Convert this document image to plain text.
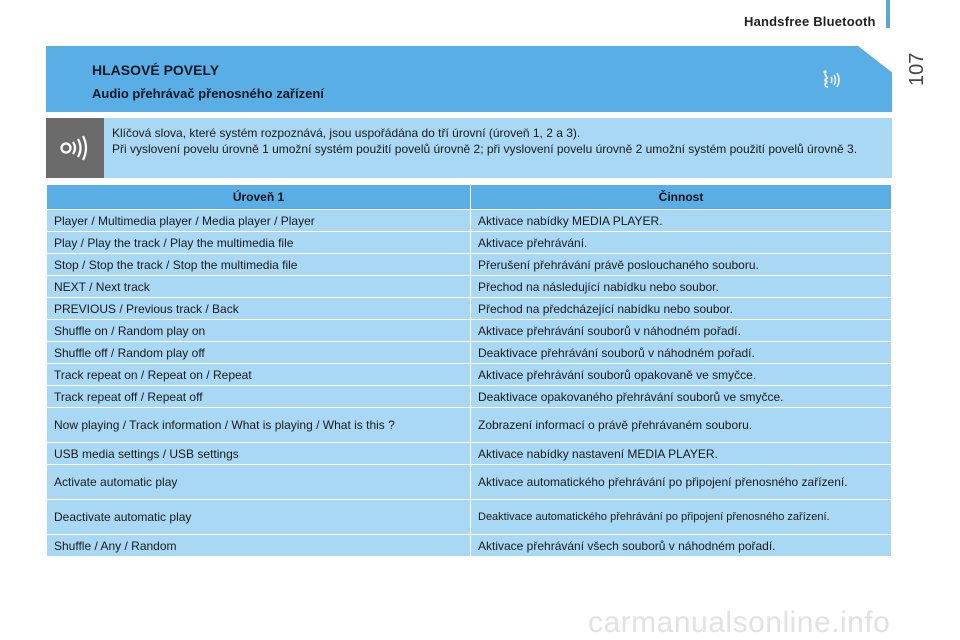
Handsfree Bluetooth
107
HLASOVÉ POVELY
Audio přehrávač přenosného zařízení
Klíčová slova, které systém rozpoznává, jsou uspořádána do tří úrovní (úroveň 1, 2 a 3).
Při vyslovení povelu úrovně 1 umožní systém použití povelů úrovně 2; při vyslovení povelu úrovně 2 umožní systém použití povelů úrovně 3.
Úroveň 1	Činnost
Player / Multimedia player / Media player / Player	Aktivace nabídky MEDIA PLAYER.
Play / Play the track / Play the multimedia file	Aktivace přehrávání.
Stop / Stop the track / Stop the multimedia file	Přerušení přehrávání právě poslouchaného souboru.
NEXT / Next track	Přechod na následující nabídku nebo soubor.
PREVIOUS / Previous track / Back	Přechod na předcházející nabídku nebo soubor.
Shuffle on / Random play on	Aktivace přehrávání souborů v náhodném pořadí.
Shuffle off / Random play off	Deaktivace přehrávání souborů v náhodném pořadí.
Track repeat on / Repeat on / Repeat	Aktivace přehrávání souborů opakovaně ve smyčce.
Track repeat off / Repeat off	Deaktivace opakovaného přehrávání souborů ve smyčce.
Now playing / Track information / What is playing / What is this ?	Zobrazení informací o právě přehrávaném souboru.
USB media settings / USB settings	Aktivace nabídky nastavení MEDIA PLAYER.
Activate automatic play	Aktivace automatického přehrávání po připojení přenosného zařízení.
Deactivate automatic play	Deaktivace automatického přehrávání po připojení přenosného zařízení.
Shuffle / Any / Random	Aktivace přehrávání všech souborů v náhodném pořadí.
carmanualsonline.info
